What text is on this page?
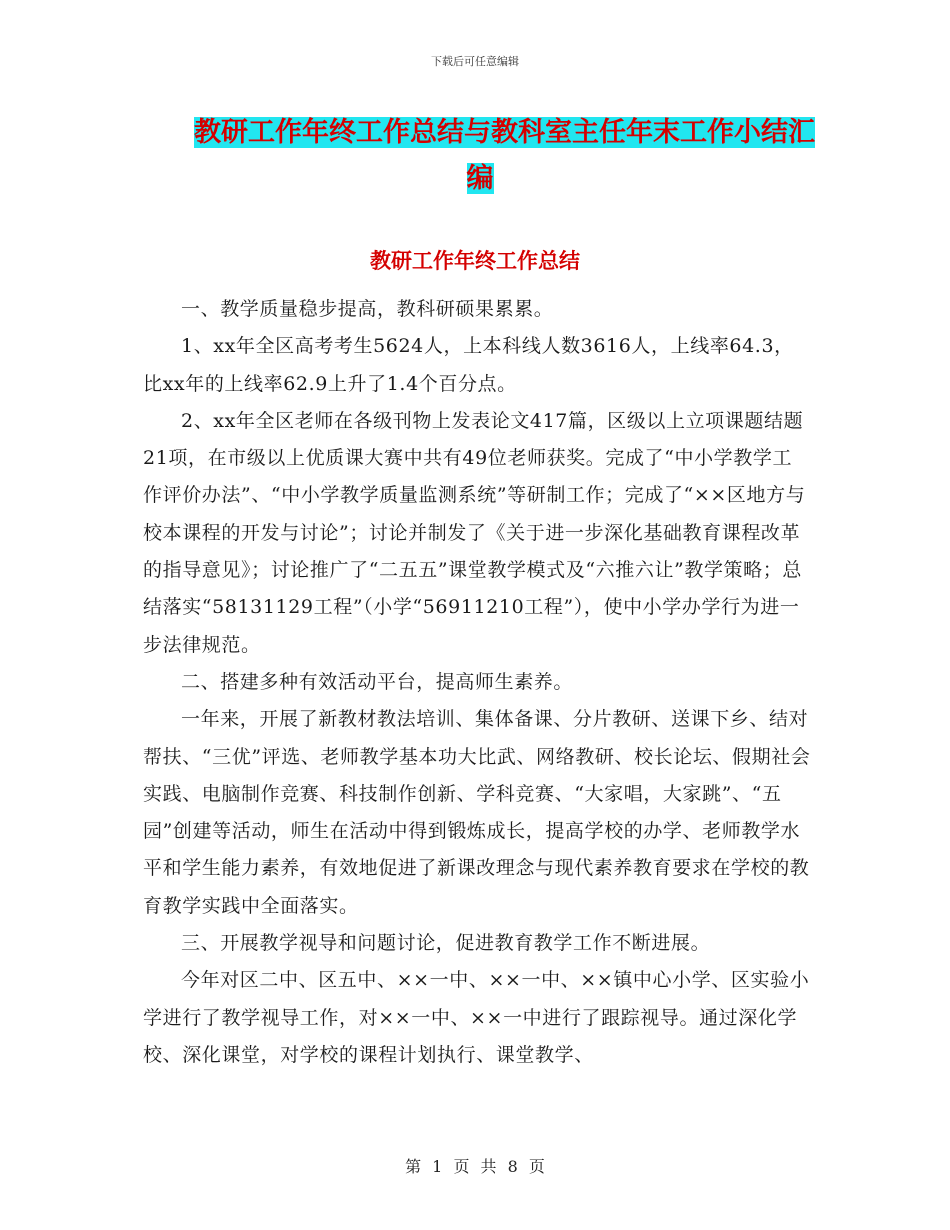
下载后可任意编辑
教研工作年终工作总结与教科室主任年末工作小结汇
编
教研工作年终工作总结

一、教学质量稳步提高，教科研硕果累累。

1、xx年全区高考考生5624人，上本科线人数3616人，上线率64.3，比xx年的上线率62.9上升了1.4个百分点。

2、xx年全区老师在各级刊物上发表论文417篇，区级以上立项课题结题21项，在市级以上优质课大赛中共有49位老师获奖。完成了“中小学教学工作评价办法”、“中小学教学质量监测系统”等研制工作；完成了“××区地方与校本课程的开发与讨论”；讨论并制发了《关于进一步深化基础教育课程改革的指导意见》；讨论推广了“二五五”课堂教学模式及“六推六让”教学策略；总结落实“58131129工程”（小学“56911210工程”），使中小学办学行为进一步法律规范。

二、搭建多种有效活动平台，提高师生素养。

一年来，开展了新教材教法培训、集体备课、分片教研、送课下乡、结对帮扶、“三优”评选、老师教学基本功大比武、网络教研、校长论坛、假期社会实践、电脑制作竞赛、科技制作创新、学科竞赛、“大家唱，大家跳”、“五园”创建等活动，师生在活动中得到锻炼成长，提高学校的办学、老师教学水平和学生能力素养，有效地促进了新课改理念与现代素养教育要求在学校的教育教学实践中全面落实。

三、开展教学视导和问题讨论，促进教育教学工作不断进展。

今年对区二中、区五中、××一中、××一中、××镇中心小学、区实验小学进行了教学视导工作，对××一中、××一中进行了跟踪视导。通过深化学校、深化课堂，对学校的课程计划执行、课堂教学、

第 1 页 共 8 页
